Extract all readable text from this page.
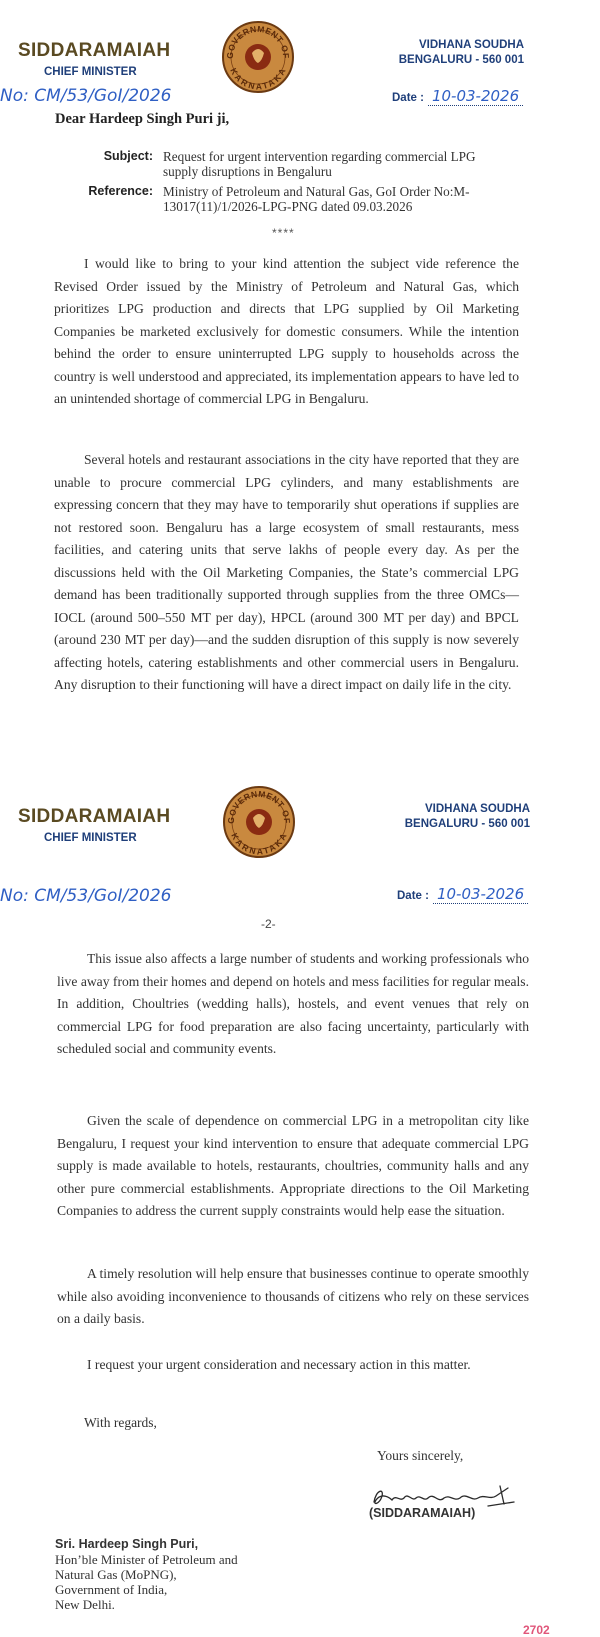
SIDDARAMAIAH
CHIEF MINISTER
GOVERNMENT OF
KARNATAKA
VIDHANA SOUDHA
BENGALURU - 560 001
No: CM/53/GoI/2026	Date : 10-03-2026
Dear Hardeep Singh Puri ji,
Subject: Request for urgent intervention regarding commercial LPG supply disruptions in Bengaluru
Reference: Ministry of Petroleum and Natural Gas, GoI Order No:M-13017(11)/1/2026-LPG-PNG dated 09.03.2026
****

I would like to bring to your kind attention the subject vide reference the Revised Order issued by the Ministry of Petroleum and Natural Gas, which prioritizes LPG production and directs that LPG supplied by Oil Marketing Companies be marketed exclusively for domestic consumers. While the intention behind the order to ensure uninterrupted LPG supply to households across the country is well understood and appreciated, its implementation appears to have led to an unintended shortage of commercial LPG in Bengaluru.

Several hotels and restaurant associations in the city have reported that they are unable to procure commercial LPG cylinders, and many establishments are expressing concern that they may have to temporarily shut operations if supplies are not restored soon. Bengaluru has a large ecosystem of small restaurants, mess facilities, and catering units that serve lakhs of people every day. As per the discussions held with the Oil Marketing Companies, the State’s commercial LPG demand has been traditionally supported through supplies from the three OMCs—IOCL (around 500–550 MT per day), HPCL (around 300 MT per day) and BPCL (around 230 MT per day)—and the sudden disruption of this supply is now severely affecting hotels, catering establishments and other commercial users in Bengaluru. Any disruption to their functioning will have a direct impact on daily life in the city.

SIDDARAMAIAH
CHIEF MINISTER
GOVERNMENT OF
KARNATAKA
VIDHANA SOUDHA
BENGALURU - 560 001
No: CM/53/GoI/2026	Date : 10-03-2026
-2-

This issue also affects a large number of students and working professionals who live away from their homes and depend on hotels and mess facilities for regular meals. In addition, Choultries (wedding halls), hostels, and event venues that rely on commercial LPG for food preparation are also facing uncertainty, particularly with scheduled social and community events.

Given the scale of dependence on commercial LPG in a metropolitan city like Bengaluru, I request your kind intervention to ensure that adequate commercial LPG supply is made available to hotels, restaurants, choultries, community halls and any other pure commercial establishments. Appropriate directions to the Oil Marketing Companies to address the current supply constraints would help ease the situation.

A timely resolution will help ensure that businesses continue to operate smoothly while also avoiding inconvenience to thousands of citizens who rely on these services on a daily basis.

I request your urgent consideration and necessary action in this matter.

With regards,
Yours sincerely,
(SIDDARAMAIAH)
Sri. Hardeep Singh Puri,
Hon’ble Minister of Petroleum and
Natural Gas (MoPNG),
Government of India,
New Delhi.
2702
